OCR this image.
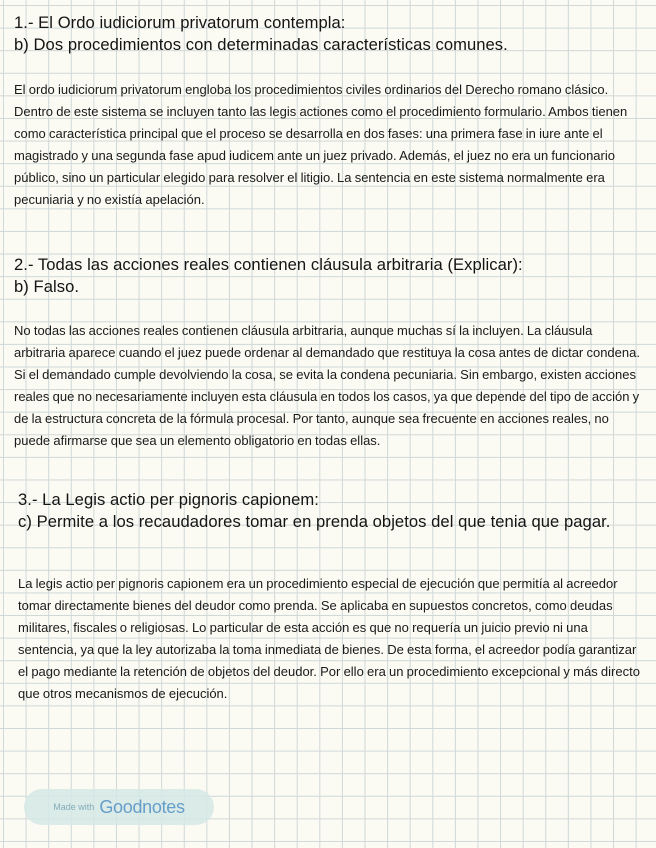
1.- El Ordo iudiciorum privatorum contempla:
b) Dos procedimientos con determinadas características comunes.

El ordo iudiciorum privatorum engloba los procedimientos civiles ordinarios del Derecho romano clásico. Dentro de este sistema se incluyen tanto las legis actiones como el procedimiento formulario. Ambos tienen como característica principal que el proceso se desarrolla en dos fases: una primera fase in iure ante el magistrado y una segunda fase apud iudicem ante un juez privado. Además, el juez no era un funcionario público, sino un particular elegido para resolver el litigio. La sentencia en este sistema normalmente era pecuniaria y no existía apelación.

2.- Todas las acciones reales contienen cláusula arbitraria (Explicar):
b) Falso.

No todas las acciones reales contienen cláusula arbitraria, aunque muchas sí la incluyen. La cláusula arbitraria aparece cuando el juez puede ordenar al demandado que restituya la cosa antes de dictar condena. Si el demandado cumple devolviendo la cosa, se evita la condena pecuniaria. Sin embargo, existen acciones reales que no necesariamente incluyen esta cláusula en todos los casos, ya que depende del tipo de acción y de la estructura concreta de la fórmula procesal. Por tanto, aunque sea frecuente en acciones reales, no puede afirmarse que sea un elemento obligatorio en todas ellas.

3.- La Legis actio per pignoris capionem:
c) Permite a los recaudadores tomar en prenda objetos del que tenia que pagar.

La legis actio per pignoris capionem era un procedimiento especial de ejecución que permitía al acreedor tomar directamente bienes del deudor como prenda. Se aplicaba en supuestos concretos, como deudas militares, fiscales o religiosas. Lo particular de esta acción es que no requería un juicio previo ni una sentencia, ya que la ley autorizaba la toma inmediata de bienes. De esta forma, el acreedor podía garantizar el pago mediante la retención de objetos del deudor. Por ello era un procedimiento excepcional y más directo que otros mecanismos de ejecución.

Made with Goodnotes
